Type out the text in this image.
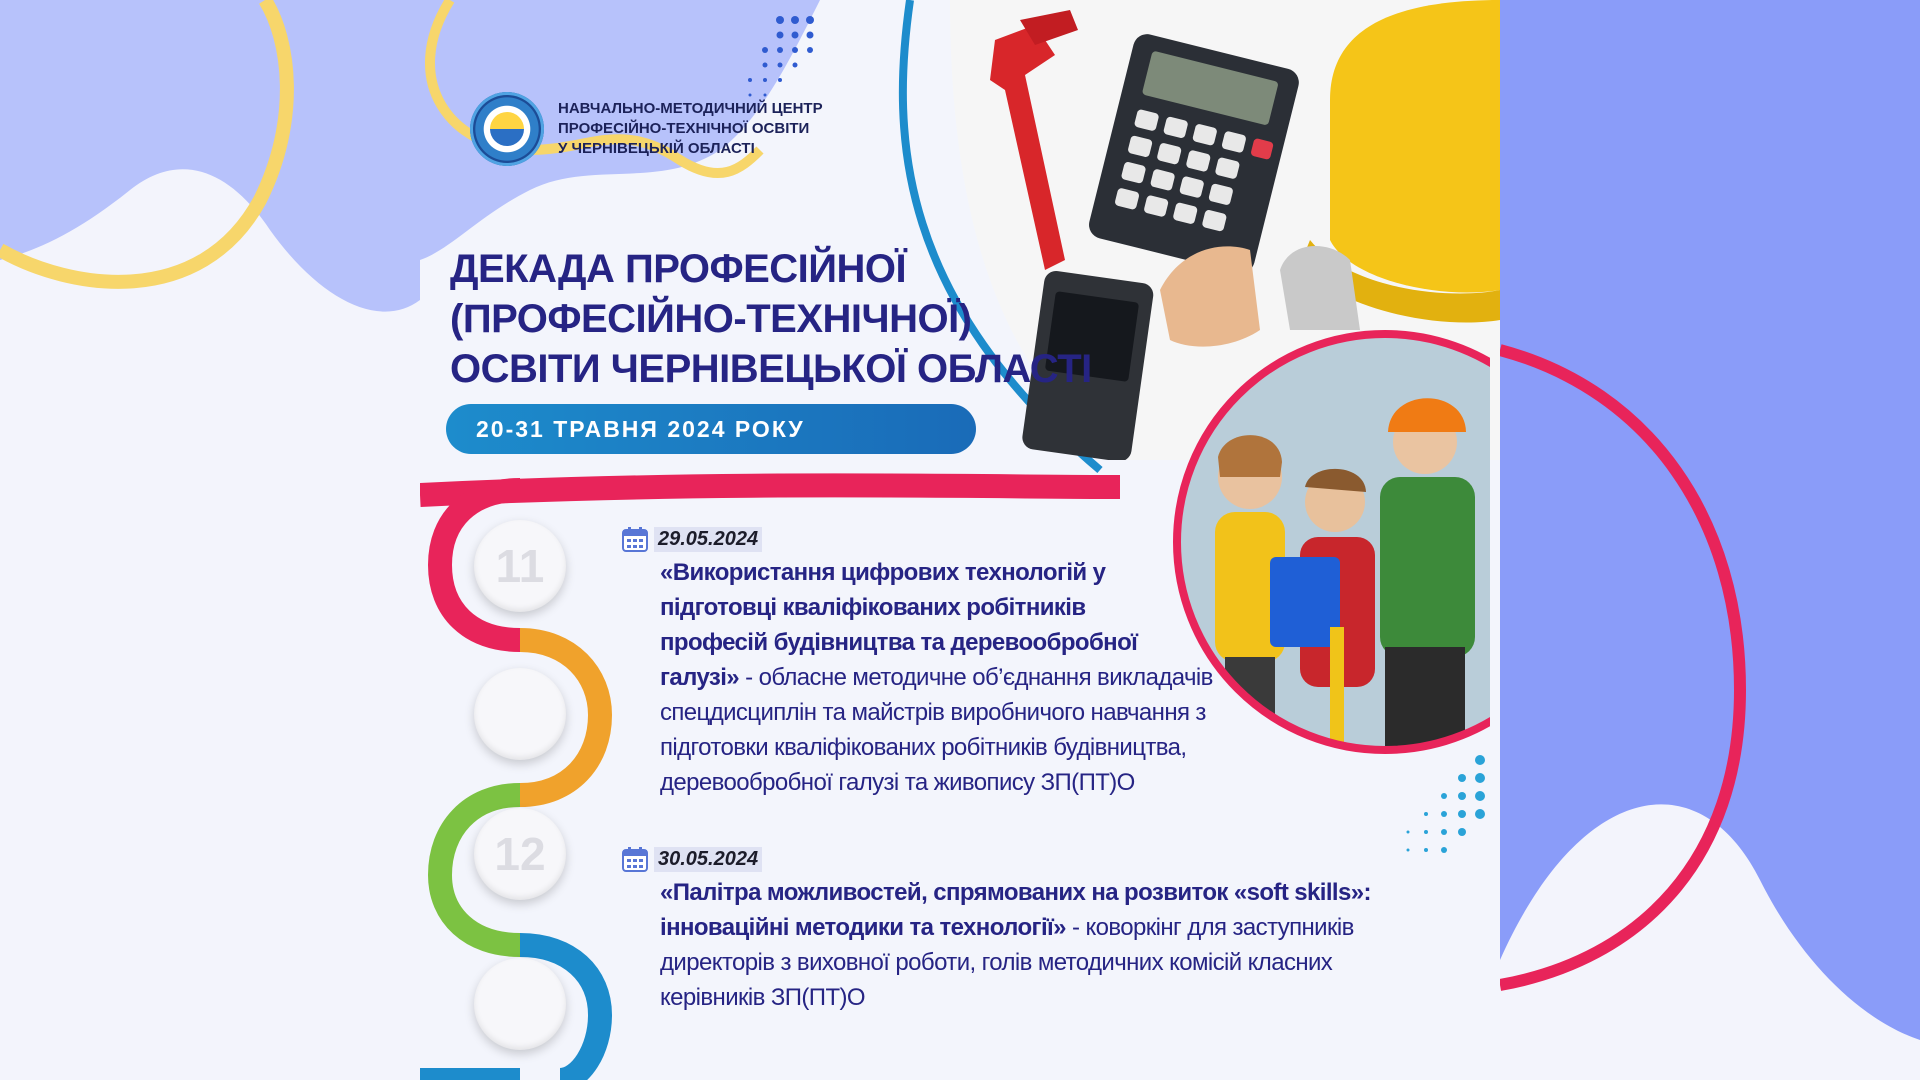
НАВЧАЛЬНО-МЕТОДИЧНИЙ ЦЕНТР
ПРОФЕСІЙНО-ТЕХНІЧНОЇ ОСВІТИ
У ЧЕРНІВЕЦЬКІЙ ОБЛАСТІ
ДЕКАДА ПРОФЕСІЙНОЇ
(ПРОФЕСІЙНО-ТЕХНІЧНОЇ)
ОСВІТИ ЧЕРНІВЕЦЬКОЇ ОБЛАСТІ
20-31 ТРАВНЯ 2024 РОКУ
11
12
29.05.2024
«Використання цифрових технологій у
підготовці кваліфікованих робітників
професій будівництва та деревообробної
галузі» - обласне методичне об’єднання викладачів
спецдисциплін та майстрів виробничого навчання з
підготовки кваліфікованих робітників будівництва,
деревообробної галузі та живопису ЗП(ПТ)О
30.05.2024
«Палітра можливостей, спрямованих на розвиток «soft skills»:
інноваційні методики та технології» - коворкінг для заступників
директорів з виховної роботи, голів методичних комісій класних
керівників ЗП(ПТ)О
